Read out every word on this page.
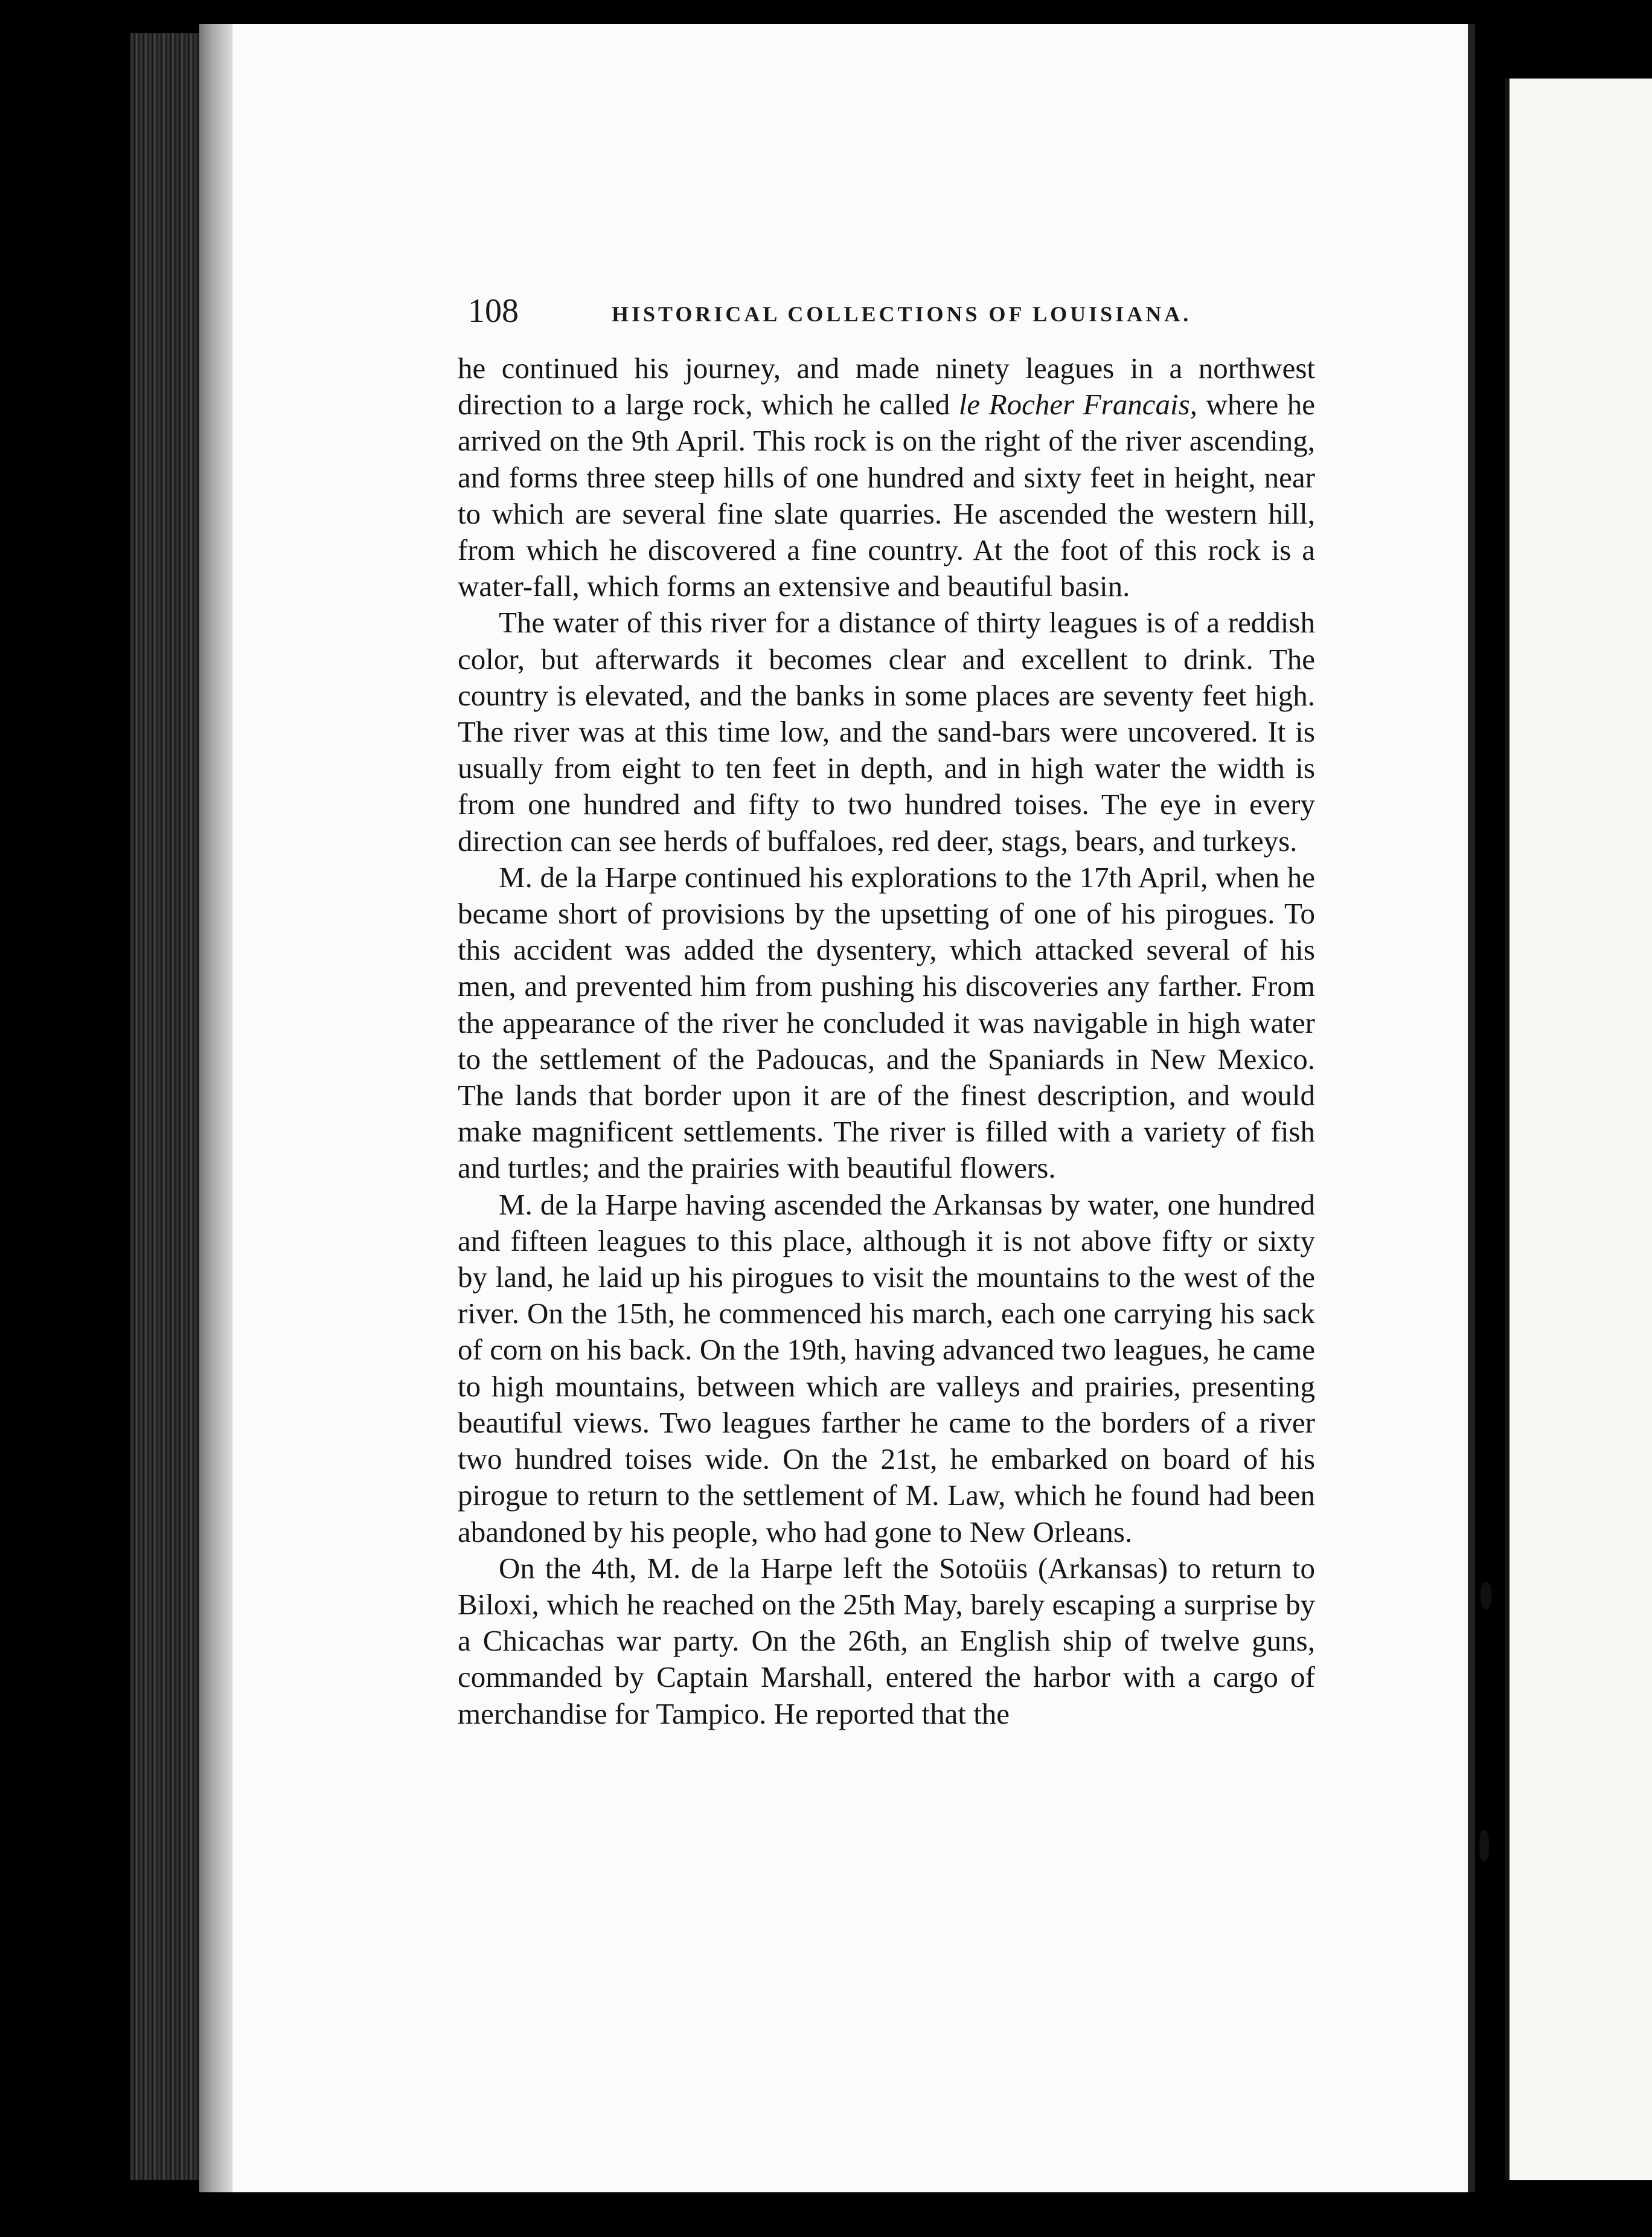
108	HISTORICAL COLLECTIONS OF LOUISIANA.

he continued his journey, and made ninety leagues in a northwest direction to a large rock, which he called le Rocher Francais, where he arrived on the 9th April. This rock is on the right of the river ascending, and forms three steep hills of one hundred and sixty feet in height, near to which are several fine slate quarries. He ascended the western hill, from which he discovered a fine country. At the foot of this rock is a water-fall, which forms an extensive and beautiful basin.

The water of this river for a distance of thirty leagues is of a reddish color, but afterwards it becomes clear and excellent to drink. The country is elevated, and the banks in some places are seventy feet high. The river was at this time low, and the sand-bars were uncovered. It is usually from eight to ten feet in depth, and in high water the width is from one hundred and fifty to two hundred toises. The eye in every direction can see herds of buffaloes, red deer, stags, bears, and turkeys.

M. de la Harpe continued his explorations to the 17th April, when he became short of provisions by the upsetting of one of his pirogues. To this accident was added the dysentery, which attacked several of his men, and prevented him from pushing his discoveries any farther. From the appearance of the river he concluded it was navigable in high water to the settlement of the Padoucas, and the Spaniards in New Mexico. The lands that border upon it are of the finest description, and would make magnificent settlements. The river is filled with a variety of fish and turtles; and the prairies with beautiful flowers.

M. de la Harpe having ascended the Arkansas by water, one hundred and fifteen leagues to this place, although it is not above fifty or sixty by land, he laid up his pirogues to visit the mountains to the west of the river. On the 15th, he commenced his march, each one carrying his sack of corn on his back. On the 19th, having advanced two leagues, he came to high mountains, between which are valleys and prairies, presenting beautiful views. Two leagues farther he came to the borders of a river two hundred toises wide. On the 21st, he embarked on board of his pirogue to return to the settlement of M. Law, which he found had been abandoned by his people, who had gone to New Orleans.

On the 4th, M. de la Harpe left the Sotoüis (Arkansas) to return to Biloxi, which he reached on the 25th May, barely escaping a surprise by a Chicachas war party. On the 26th, an English ship of twelve guns, commanded by Captain Marshall, entered the harbor with a cargo of merchandise for Tampico. He reported that the
